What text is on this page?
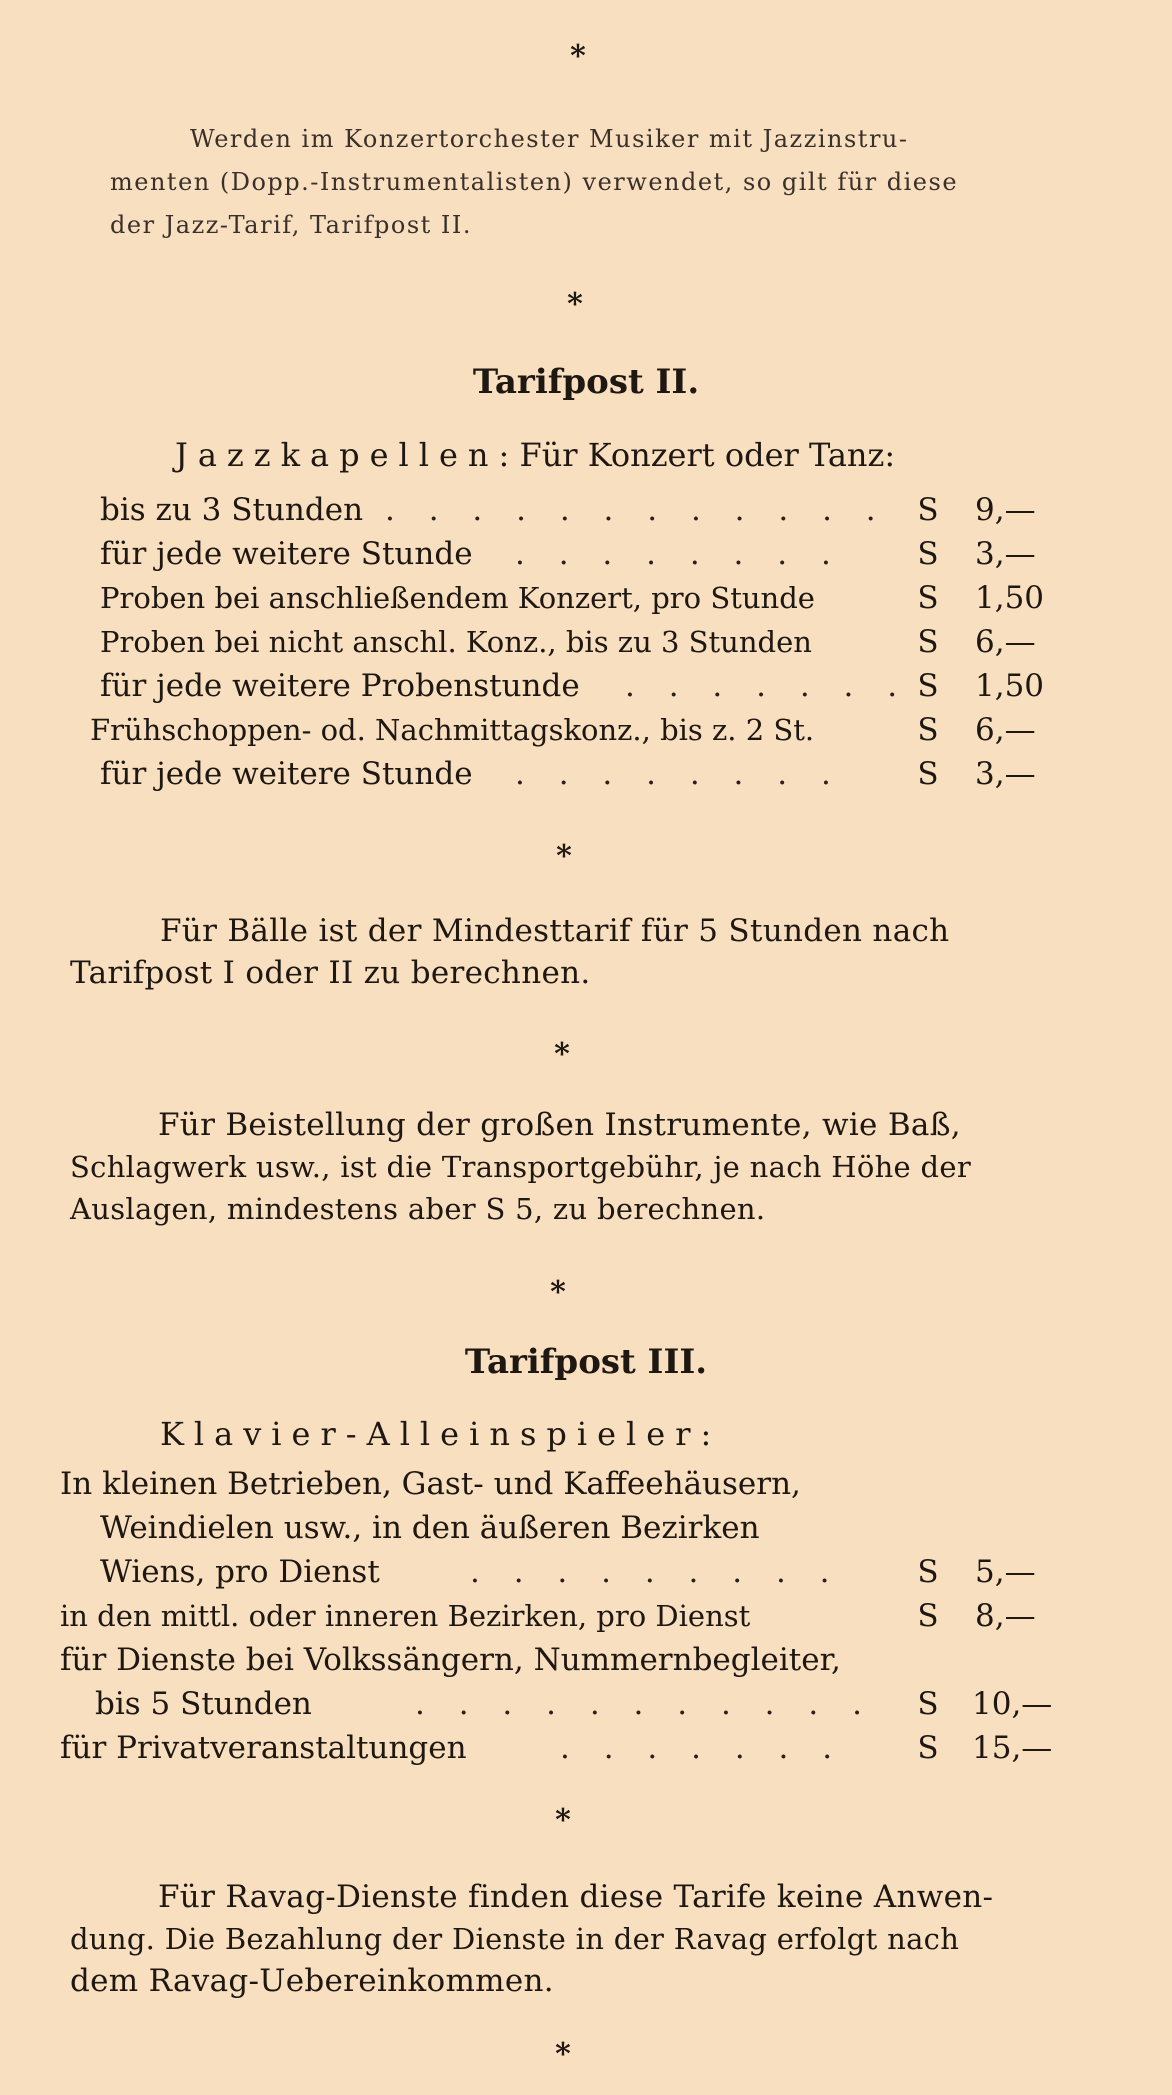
*
Werden im Konzertorchester Musiker mit Jazzinstru-
menten (Dopp.-Instrumentalisten) verwendet, so gilt für diese
der Jazz-Tarif, Tarifpost II.
*
Tarifpost II.
Jazzkapellen: Für Konzert oder Tanz:
bis zu 3 Stunden . . . . . . . . . . . . S 9,—
für jede weitere Stunde . . . . . . . . S 3,—
Proben bei anschließendem Konzert, pro Stunde	S 1,50
Proben bei nicht anschl. Konz., bis zu 3 Stunden	S 6,—
für jede weitere Probenstunde . . . . . . . S 1,50
Frühschoppen- od. Nachmittagskonz., bis z. 2 St.	S 6,—
für jede weitere Stunde . . . . . . . . S 3,—
*
Für Bälle ist der Mindesttarif für 5 Stunden nach
Tarifpost I oder II zu berechnen.
*
Für Beistellung der großen Instrumente, wie Baß,
Schlagwerk usw., ist die Transportgebühr, je nach Höhe der
Auslagen, mindestens aber S 5, zu berechnen.
*
Tarifpost III.
Klavier-Alleinspieler:
In kleinen Betrieben, Gast- und Kaffeehäusern,
Weindielen usw., in den äußeren Bezirken
Wiens, pro Dienst	. . . . . . . . . S 5,—
in den mittl. oder inneren Bezirken, pro Dienst	S 8,—
für Dienste bei Volkssängern, Nummernbegleiter,
bis 5 Stunden	. . . . . . . . . . . S 10,—
für Privatveranstaltungen	. . . . . . . S 15,—
*
Für Ravag-Dienste finden diese Tarife keine Anwen-
dung. Die Bezahlung der Dienste in der Ravag erfolgt nach
dem Ravag-Uebereinkommen.
*
